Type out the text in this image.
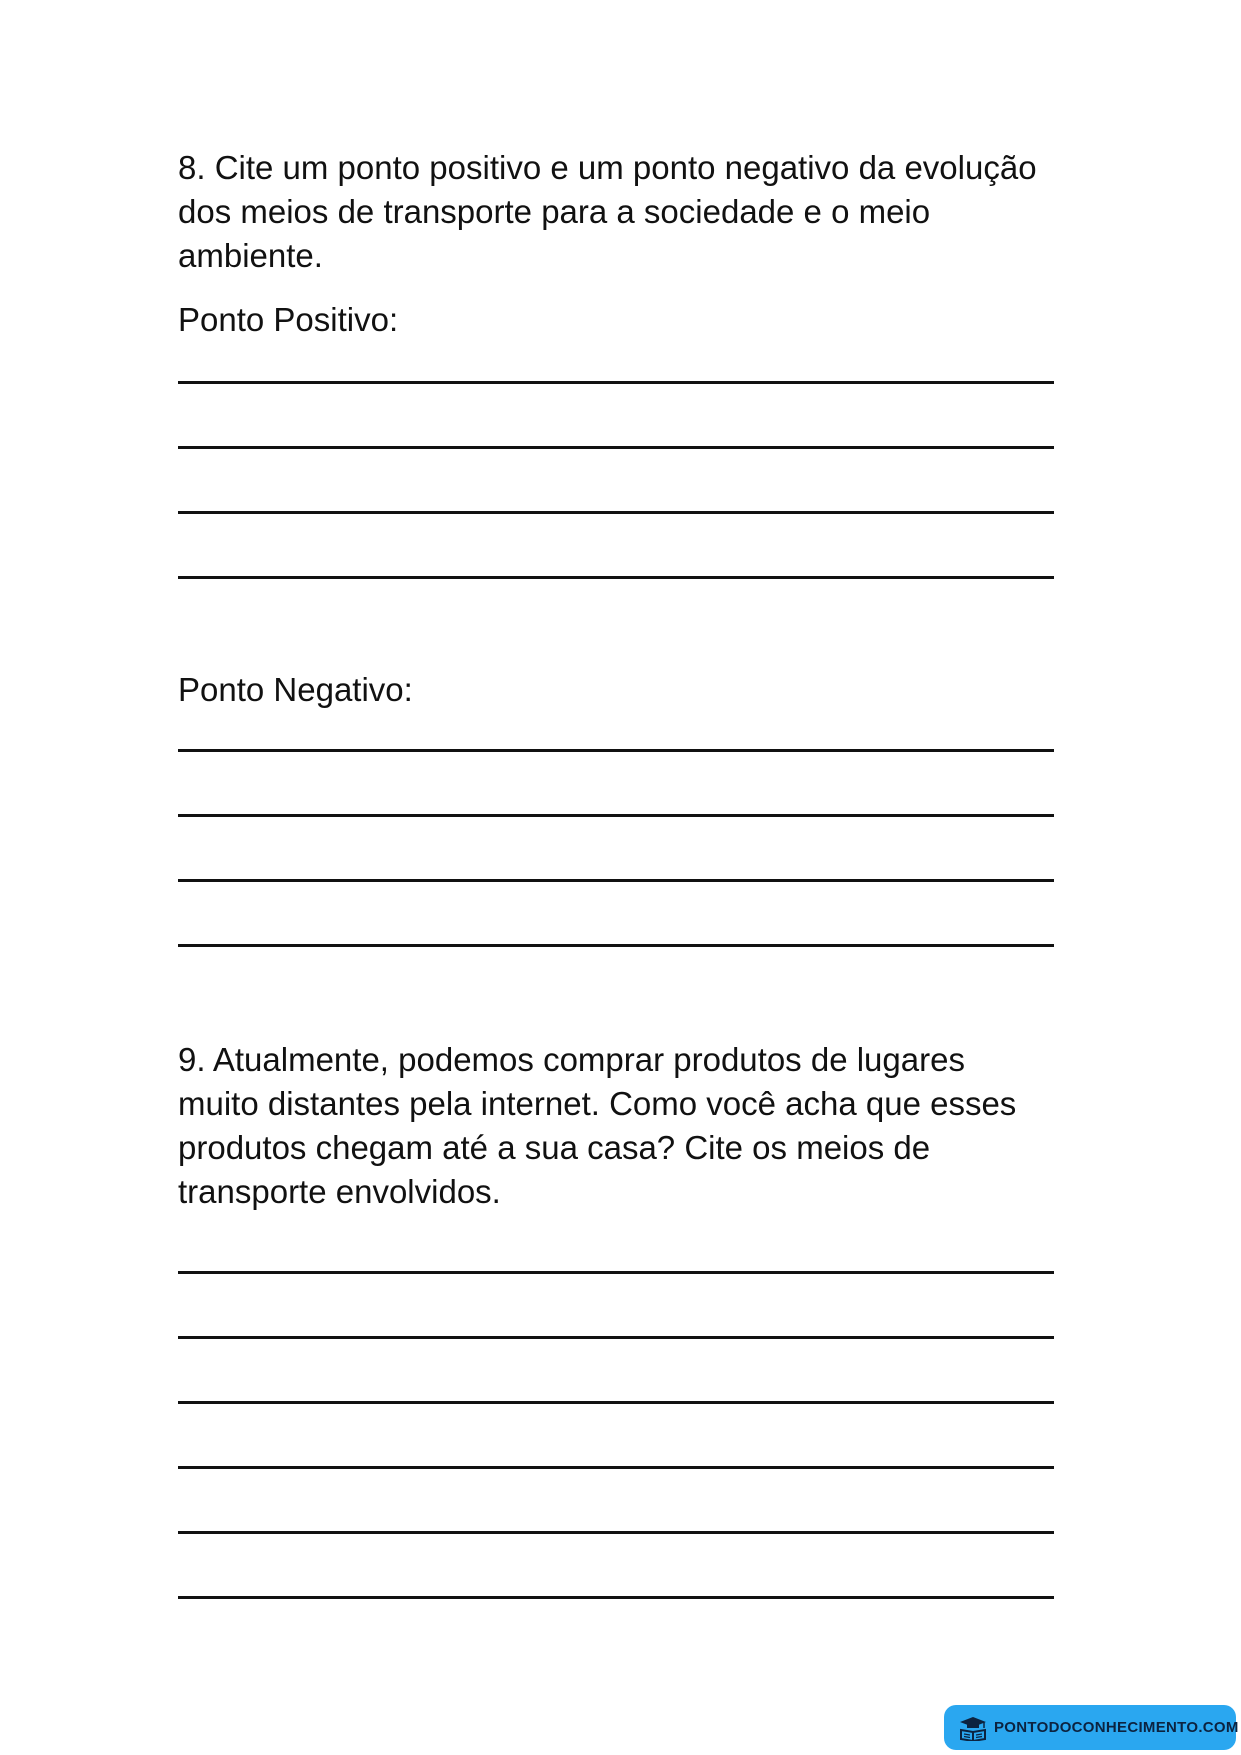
8. Cite um ponto positivo e um ponto negativo da evolução

dos meios de transporte para a sociedade e o meio

ambiente.

Ponto Positivo:

Ponto Negativo:

9. Atualmente, podemos comprar produtos de lugares

muito distantes pela internet. Como você acha que esses

produtos chegam até a sua casa? Cite os meios de

transporte envolvidos.

PONTODOCONHECIMENTO.COM
